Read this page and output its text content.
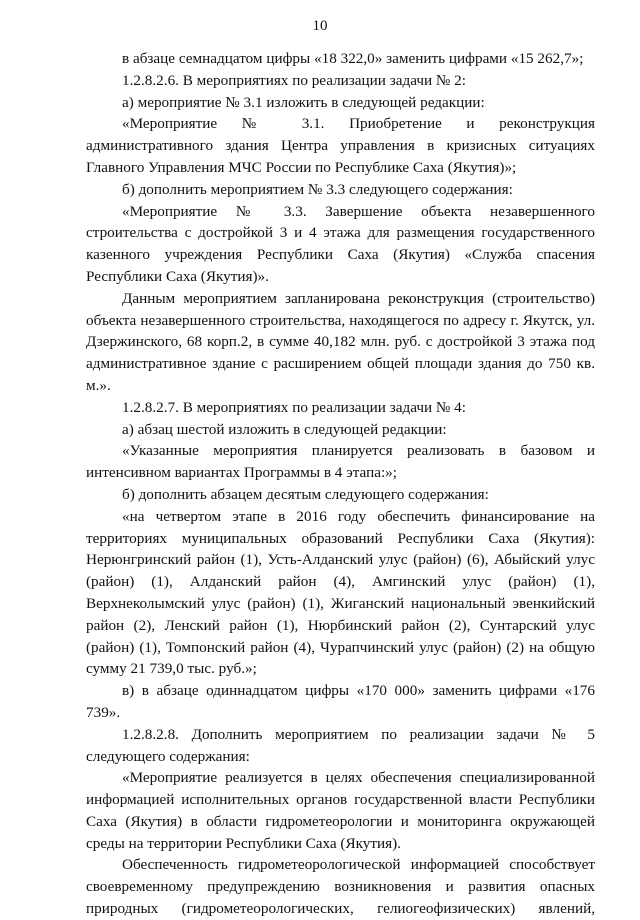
10

в абзаце семнадцатом цифры «18 322,0» заменить цифрами «15 262,7»;

1.2.8.2.6. В мероприятиях по реализации задачи № 2:

а) мероприятие № 3.1 изложить в следующей редакции:

«Мероприятие № 3.1. Приобретение и реконструкция административного здания Центра управления в кризисных ситуациях Главного Управления МЧС России по Республике Саха (Якутия)»;

б) дополнить мероприятием № 3.3 следующего содержания:

«Мероприятие № 3.3. Завершение объекта незавершенного строительства с достройкой 3 и 4 этажа для размещения государственного казенного учреждения Республики Саха (Якутия) «Служба спасения Республики Саха (Якутия)».

Данным мероприятием запланирована реконструкция (строительство) объекта незавершенного строительства, находящегося по адресу г. Якутск, ул. Дзержинского, 68 корп.2, в сумме 40,182 млн. руб. с достройкой 3 этажа под административное здание с расширением общей площади здания до 750 кв. м.».

1.2.8.2.7. В мероприятиях по реализации задачи № 4:

а) абзац шестой изложить в следующей редакции:

«Указанные мероприятия планируется реализовать в базовом и интенсивном вариантах Программы в 4 этапа:»;

б) дополнить абзацем десятым следующего содержания:

«на четвертом этапе в 2016 году обеспечить финансирование на территориях муниципальных образований Республики Саха (Якутия): Нерюнгринский район (1), Усть-Алданский улус (район) (6), Абыйский улус (район) (1), Алданский район (4), Амгинский улус (район) (1), Верхнеколымский улус (район) (1), Жиганский национальный эвенкийский район (2), Ленский район (1), Нюрбинский район (2), Сунтарский улус (район) (1), Томпонский район (4), Чурапчинский улус (район) (2) на общую сумму 21 739,0 тыс. руб.»;

в) в абзаце одиннадцатом цифры «170 000» заменить цифрами «176 739».

1.2.8.2.8. Дополнить мероприятием по реализации задачи № 5 следующего содержания:

«Мероприятие реализуется в целях обеспечения специализированной информацией исполнительных органов государственной власти Республики Саха (Якутия) в области гидрометеорологии и мониторинга окружающей среды на территории Республики Саха (Якутия).

Обеспеченность гидрометеорологической информацией способствует своевременному предупреждению возникновения и развития опасных природных (гидрометеорологических, гелиогеофизических) явлений,
